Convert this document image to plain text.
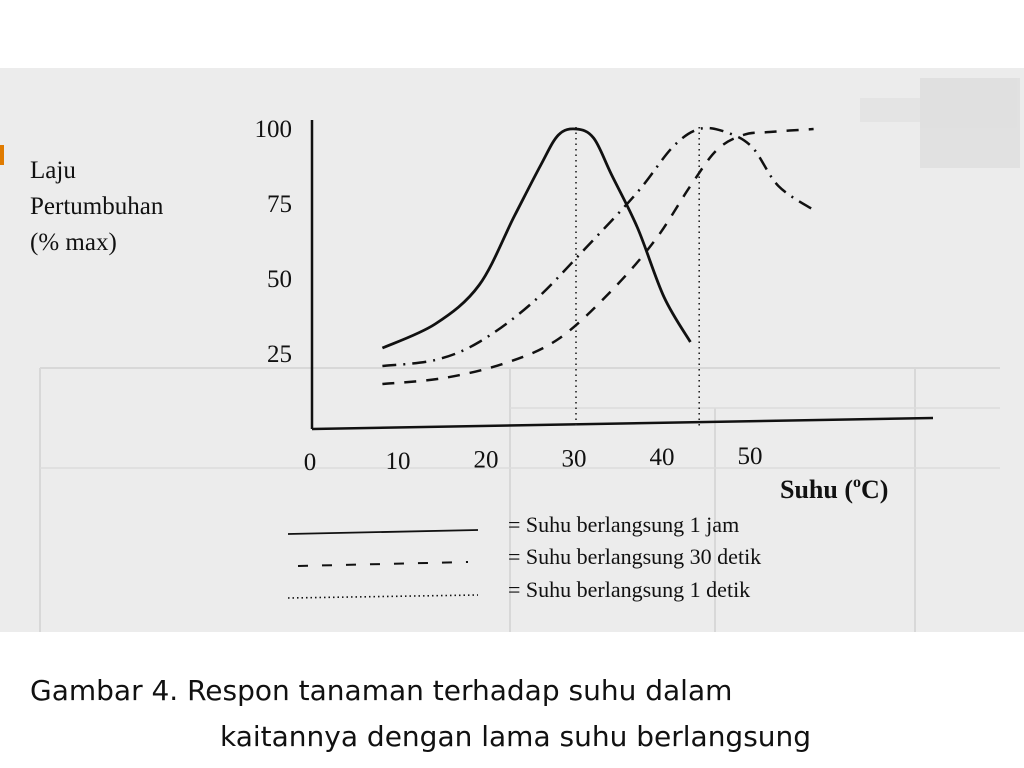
25
50
75
100
0	10	20	30	40	50
Laju
Pertumbuhan
(% max)
Suhu ($^o$C)
= Suhu berlangsung 1 jam
= Suhu berlangsung 30 detik
= Suhu berlangsung 1 detik
Gambar 4. Respon tanaman terhadap suhu dalam
kaitannya dengan lama suhu berlangsung
